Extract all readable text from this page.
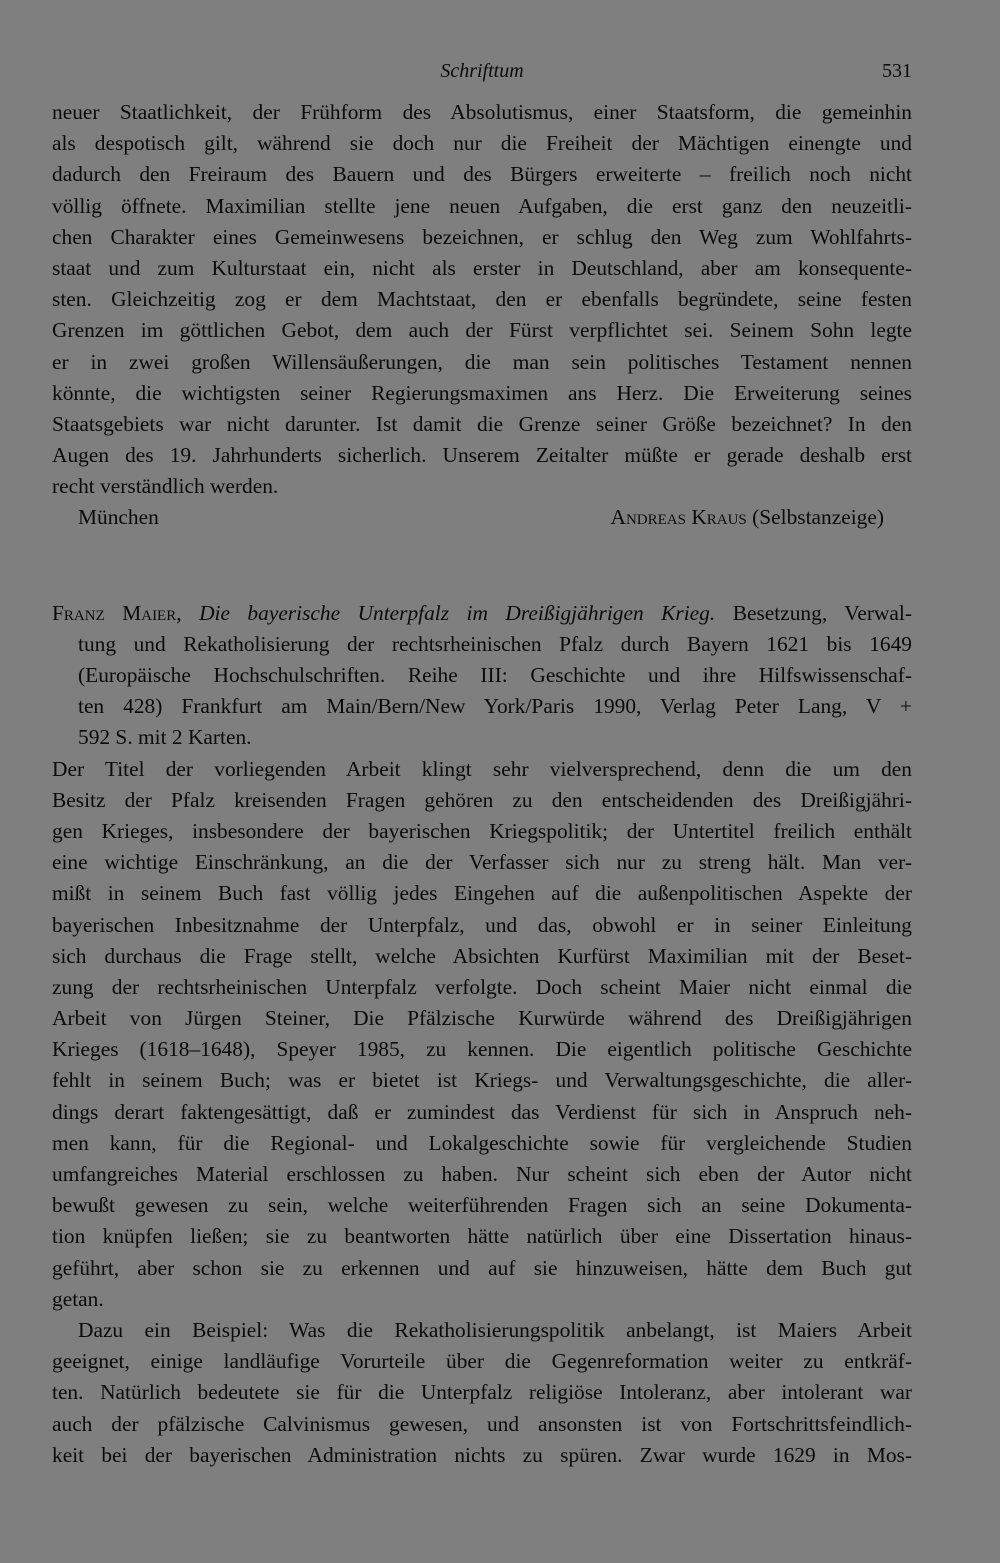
Schrifttum	531
neuer Staatlichkeit, der Frühform des Absolutismus, einer Staatsform, die gemeinhin
als despotisch gilt, während sie doch nur die Freiheit der Mächtigen einengte und
dadurch den Freiraum des Bauern und des Bürgers erweiterte – freilich noch nicht
völlig öffnete. Maximilian stellte jene neuen Aufgaben, die erst ganz den neuzeitli-
chen Charakter eines Gemeinwesens bezeichnen, er schlug den Weg zum Wohlfahrts-
staat und zum Kulturstaat ein, nicht als erster in Deutschland, aber am konsequente-
sten. Gleichzeitig zog er dem Machtstaat, den er ebenfalls begründete, seine festen
Grenzen im göttlichen Gebot, dem auch der Fürst verpflichtet sei. Seinem Sohn legte
er in zwei großen Willensäußerungen, die man sein politisches Testament nennen
könnte, die wichtigsten seiner Regierungsmaximen ans Herz. Die Erweiterung seines
Staatsgebiets war nicht darunter. Ist damit die Grenze seiner Größe bezeichnet? In den
Augen des 19. Jahrhunderts sicherlich. Unserem Zeitalter müßte er gerade deshalb erst
recht verständlich werden.
München	Andreas Kraus (Selbstanzeige)
Franz Maier, Die bayerische Unterpfalz im Dreißigjährigen Krieg. Besetzung, Verwal-
tung und Rekatholisierung der rechtsrheinischen Pfalz durch Bayern 1621 bis 1649
(Europäische Hochschulschriften. Reihe III: Geschichte und ihre Hilfswissenschaf-
ten 428) Frankfurt am Main/Bern/New York/Paris 1990, Verlag Peter Lang, V +
592 S. mit 2 Karten.
Der Titel der vorliegenden Arbeit klingt sehr vielversprechend, denn die um den
Besitz der Pfalz kreisenden Fragen gehören zu den entscheidenden des Dreißigjähri-
gen Krieges, insbesondere der bayerischen Kriegspolitik; der Untertitel freilich enthält
eine wichtige Einschränkung, an die der Verfasser sich nur zu streng hält. Man ver-
mißt in seinem Buch fast völlig jedes Eingehen auf die außenpolitischen Aspekte der
bayerischen Inbesitznahme der Unterpfalz, und das, obwohl er in seiner Einleitung
sich durchaus die Frage stellt, welche Absichten Kurfürst Maximilian mit der Beset-
zung der rechtsrheinischen Unterpfalz verfolgte. Doch scheint Maier nicht einmal die
Arbeit von Jürgen Steiner, Die Pfälzische Kurwürde während des Dreißigjährigen
Krieges (1618–1648), Speyer 1985, zu kennen. Die eigentlich politische Geschichte
fehlt in seinem Buch; was er bietet ist Kriegs- und Verwaltungsgeschichte, die aller-
dings derart faktengesättigt, daß er zumindest das Verdienst für sich in Anspruch neh-
men kann, für die Regional- und Lokalgeschichte sowie für vergleichende Studien
umfangreiches Material erschlossen zu haben. Nur scheint sich eben der Autor nicht
bewußt gewesen zu sein, welche weiterführenden Fragen sich an seine Dokumenta-
tion knüpfen ließen; sie zu beantworten hätte natürlich über eine Dissertation hinaus-
geführt, aber schon sie zu erkennen und auf sie hinzuweisen, hätte dem Buch gut
getan.
Dazu ein Beispiel: Was die Rekatholisierungspolitik anbelangt, ist Maiers Arbeit
geeignet, einige landläufige Vorurteile über die Gegenreformation weiter zu entkräf-
ten. Natürlich bedeutete sie für die Unterpfalz religiöse Intoleranz, aber intolerant war
auch der pfälzische Calvinismus gewesen, und ansonsten ist von Fortschrittsfeindlich-
keit bei der bayerischen Administration nichts zu spüren. Zwar wurde 1629 in Mos-
